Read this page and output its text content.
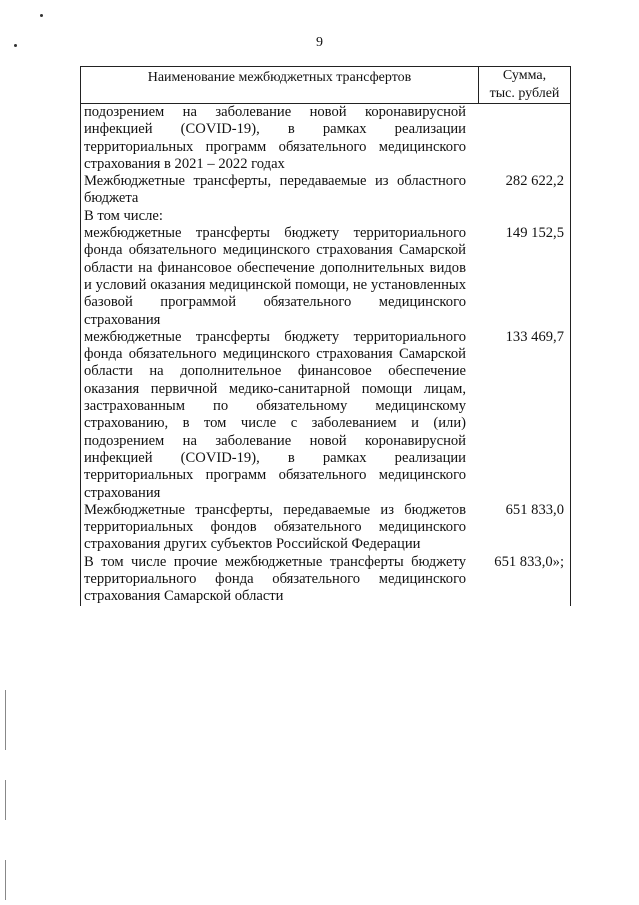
9
Наименование межбюджетных трансфертов	Сумма,
тыс. рублей
подозрением на заболевание новой коронавирусной инфекцией (COVID-19), в рамках реализации территориальных программ обязательного медицинского страхования в 2021 – 2022 годах
Межбюджетные трансферты, передаваемые из областного бюджета
282 622,2
В том числе:
межбюджетные трансферты бюджету территориального фонда обязательного медицинского страхования Самарской области на финансовое обеспечение дополнительных видов и условий оказания медицинской помощи, не установленных базовой программой обязательного медицинского страхования
149 152,5
межбюджетные трансферты бюджету территориального фонда обязательного медицинского страхования Самарской области на дополнительное финансовое обеспечение оказания первичной медико-санитарной помощи лицам, застрахованным по обязательному медицинскому страхованию, в том числе с заболеванием и (или) подозрением на заболевание новой коронавирусной инфекцией (COVID-19), в рамках реализации территориальных программ обязательного медицинского страхования
133 469,7
Межбюджетные трансферты, передаваемые из бюджетов территориальных фондов обязательного медицинского страхования других субъектов Российской Федерации
651 833,0
В том числе прочие межбюджетные трансферты бюджету территориального фонда обязательного медицинского страхования Самарской области
651 833,0»;
